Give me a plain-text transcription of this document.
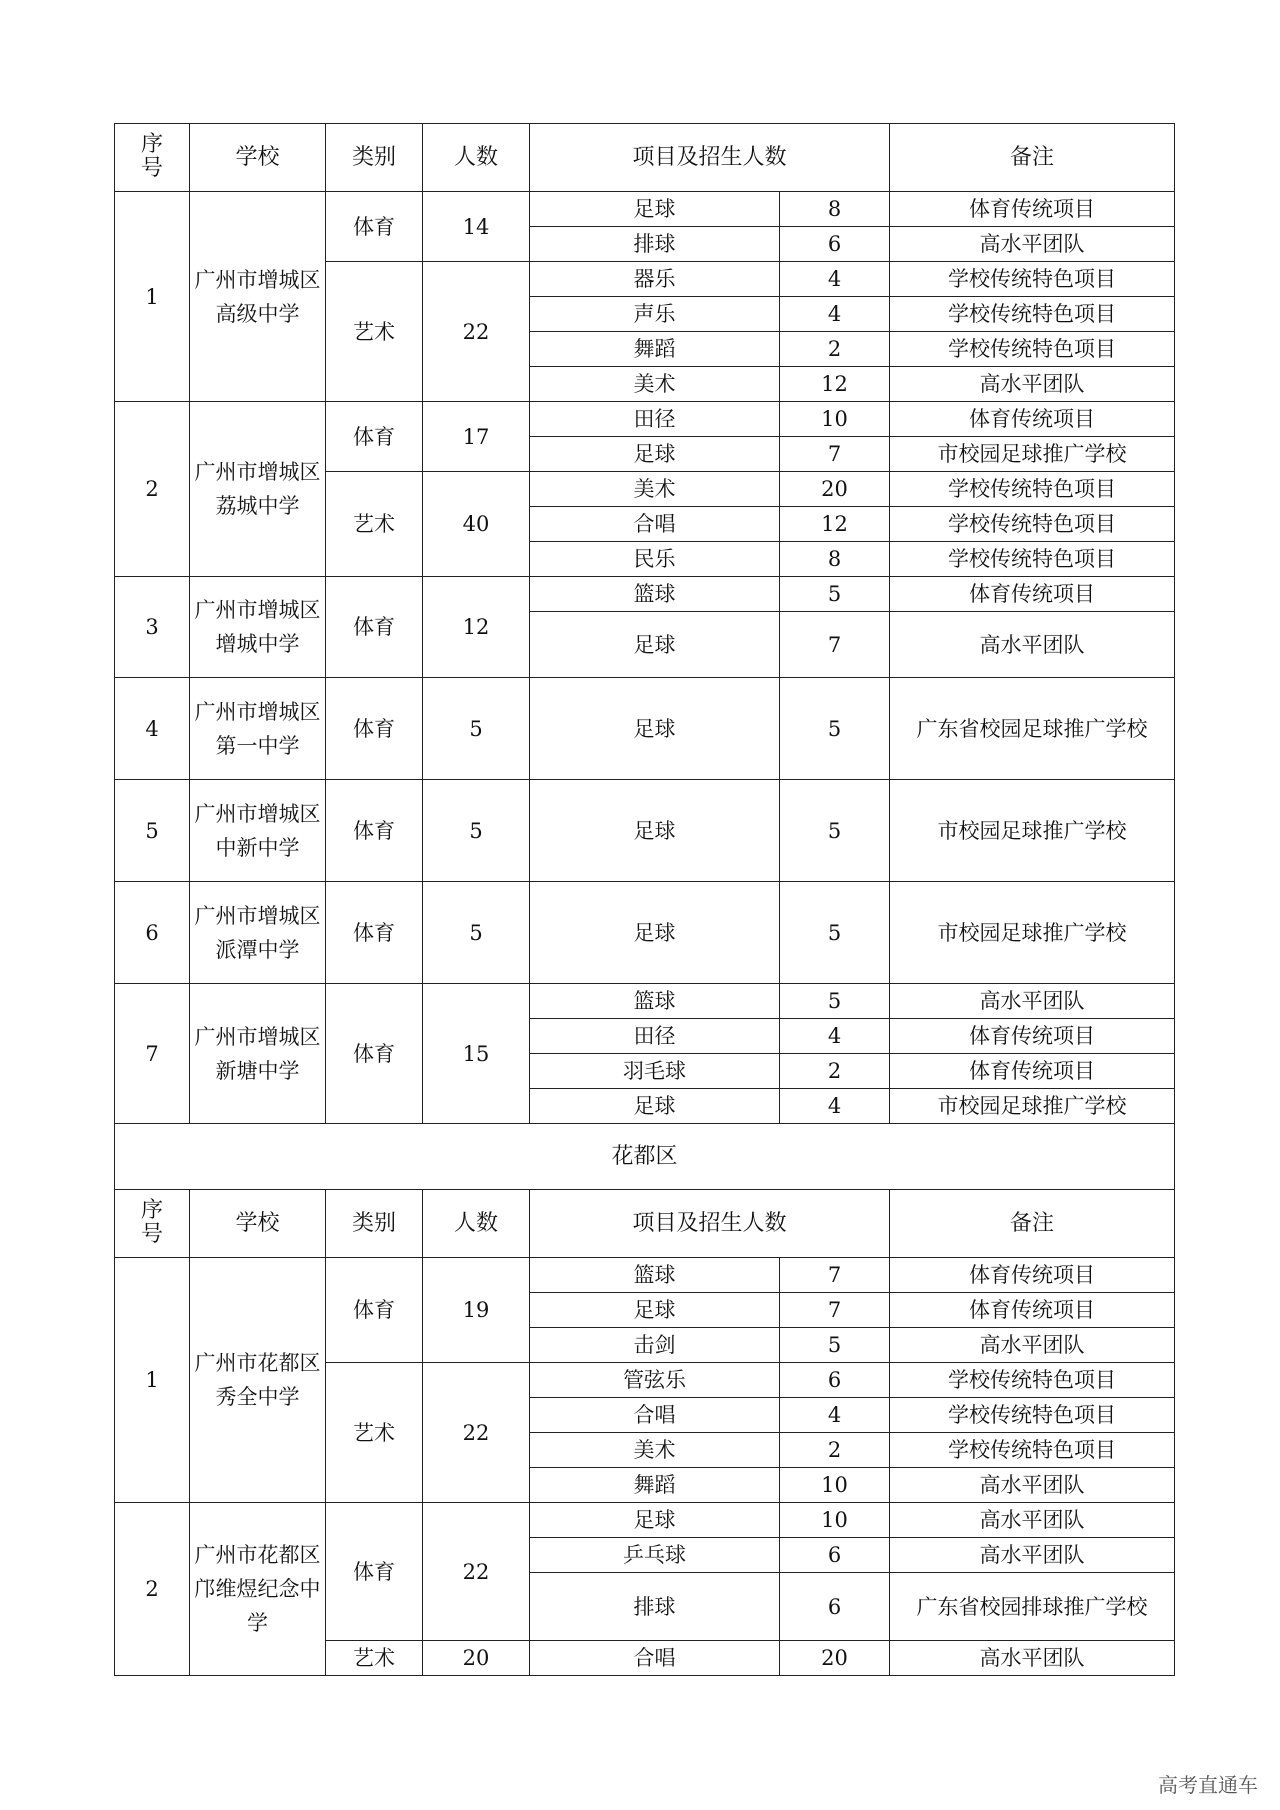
序号	学校	类别	人数	项目及招生人数		备注
1	广州市增城区高级中学	体育	14	足球	8	体育传统项目
				排球	6	高水平团队
		艺术	22	器乐	4	学校传统特色项目
				声乐	4	学校传统特色项目
				舞蹈	2	学校传统特色项目
				美术	12	高水平团队
2	广州市增城区荔城中学	体育	17	田径	10	体育传统项目
				足球	7	市校园足球推广学校
		艺术	40	美术	20	学校传统特色项目
				合唱	12	学校传统特色项目
				民乐	8	学校传统特色项目
3	广州市增城区增城中学	体育	12	篮球	5	体育传统项目
				足球	7	高水平团队
4	广州市增城区第一中学	体育	5	足球	5	广东省校园足球推广学校
5	广州市增城区中新中学	体育	5	足球	5	市校园足球推广学校
6	广州市增城区派潭中学	体育	5	足球	5	市校园足球推广学校
7	广州市增城区新塘中学	体育	15	篮球	5	高水平团队
				田径	4	体育传统项目
				羽毛球	2	体育传统项目
				足球	4	市校园足球推广学校
花都区						
序号	学校	类别	人数	项目及招生人数		备注
1	广州市花都区秀全中学	体育	19	篮球	7	体育传统项目
				足球	7	体育传统项目
				击剑	5	高水平团队
		艺术	22	管弦乐	6	学校传统特色项目
				合唱	4	学校传统特色项目
				美术	2	学校传统特色项目
				舞蹈	10	高水平团队
2	广州市花都区邝维煜纪念中学	体育	22	足球	10	高水平团队
				乒乓球	6	高水平团队
				排球	6	广东省校园排球推广学校
		艺术	20	合唱	20	高水平团队
高考直通车
